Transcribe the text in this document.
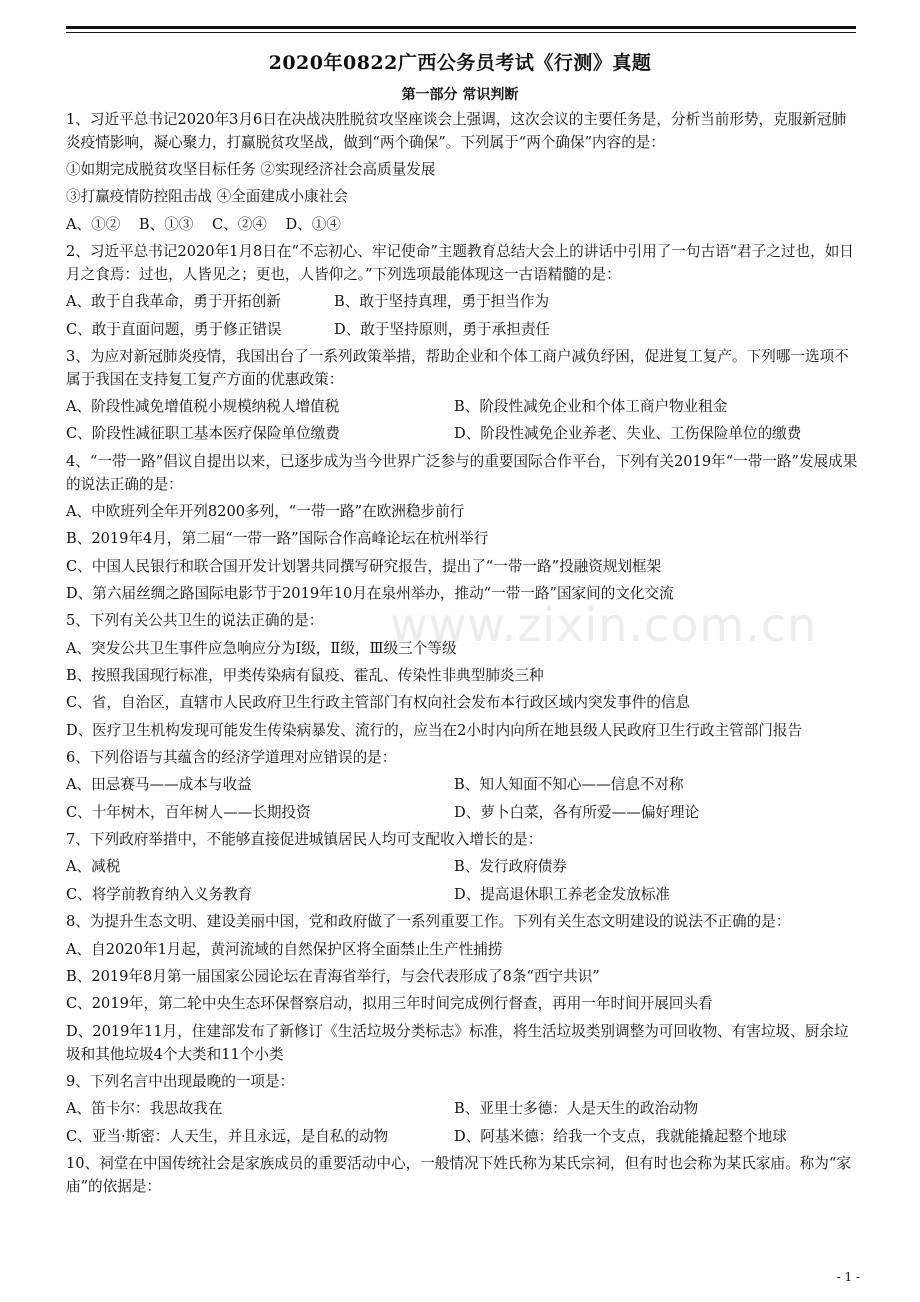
2020年0822广西公务员考试《行测》真题
第一部分 常识判断
1、习近平总书记2020年3月6日在决战决胜脱贫攻坚座谈会上强调，这次会议的主要任务是，分析当前形势，克服新冠肺炎疫情影响，凝心聚力，打赢脱贫攻坚战，做到“两个确保”。下列属于“两个确保”内容的是：
①如期完成脱贫攻坚目标任务 ②实现经济社会高质量发展
③打赢疫情防控阻击战 ④全面建成小康社会
A、①②    B、①③    C、②④    D、①④
2、习近平总书记2020年1月8日在“不忘初心、牢记使命”主题教育总结大会上的讲话中引用了一句古语“君子之过也，如日月之食焉：过也，人皆见之；更也，人皆仰之。”下列选项最能体现这一古语精髓的是：
A、敢于自我革命，勇于开拓创新	B、敢于坚持真理，勇于担当作为
C、敢于直面问题，勇于修正错误	D、敢于坚持原则，勇于承担责任
3、为应对新冠肺炎疫情，我国出台了一系列政策举措，帮助企业和个体工商户减负纾困，促进复工复产。下列哪一选项不属于我国在支持复工复产方面的优惠政策：
A、阶段性减免增值税小规模纳税人增值税	B、阶段性减免企业和个体工商户物业租金
C、阶段性减征职工基本医疗保险单位缴费	D、阶段性减免企业养老、失业、工伤保险单位的缴费
4、“一带一路”倡议自提出以来，已逐步成为当今世界广泛参与的重要国际合作平台，下列有关2019年“一带一路”发展成果的说法正确的是：
A、中欧班列全年开列8200多列，“一带一路”在欧洲稳步前行
B、2019年4月，第二届“一带一路”国际合作高峰论坛在杭州举行
C、中国人民银行和联合国开发计划署共同撰写研究报告，提出了“一带一路”投融资规划框架
D、第六届丝绸之路国际电影节于2019年10月在泉州举办，推动“一带一路”国家间的文化交流
5、下列有关公共卫生的说法正确的是：
A、突发公共卫生事件应急响应分为Ⅰ级，Ⅱ级，Ⅲ级三个等级
B、按照我国现行标准，甲类传染病有鼠疫、霍乱、传染性非典型肺炎三种
C、省，自治区，直辖市人民政府卫生行政主管部门有权向社会发布本行政区域内突发事件的信息
D、医疗卫生机构发现可能发生传染病暴发、流行的，应当在2小时内向所在地县级人民政府卫生行政主管部门报告
6、下列俗语与其蕴含的经济学道理对应错误的是：
A、田忌赛马——成本与收益	B、知人知面不知心——信息不对称
C、十年树木，百年树人——长期投资	D、萝卜白菜，各有所爱——偏好理论
7、下列政府举措中，不能够直接促进城镇居民人均可支配收入增长的是：
A、减税	B、发行政府债券
C、将学前教育纳入义务教育	D、提高退休职工养老金发放标准
8、为提升生态文明、建设美丽中国，党和政府做了一系列重要工作。下列有关生态文明建设的说法不正确的是：
A、自2020年1月起，黄河流域的自然保护区将全面禁止生产性捕捞
B、2019年8月第一届国家公园论坛在青海省举行，与会代表形成了8条“西宁共识”
C、2019年，第二轮中央生态环保督察启动，拟用三年时间完成例行督查，再用一年时间开展回头看
D、2019年11月，住建部发布了新修订《生活垃圾分类标志》标准，将生活垃圾类别调整为可回收物、有害垃圾、厨余垃圾和其他垃圾4个大类和11个小类
9、下列名言中出现最晚的一项是：
A、笛卡尔：我思故我在	B、亚里士多德：人是天生的政治动物
C、亚当·斯密：人天生，并且永远，是自私的动物	D、阿基米德：给我一个支点，我就能撬起整个地球
10、祠堂在中国传统社会是家族成员的重要活动中心，一般情况下姓氏称为某氏宗祠，但有时也会称为某氏家庙。称为“家庙”的依据是：
www.zixin.com.cn
- 1 -
